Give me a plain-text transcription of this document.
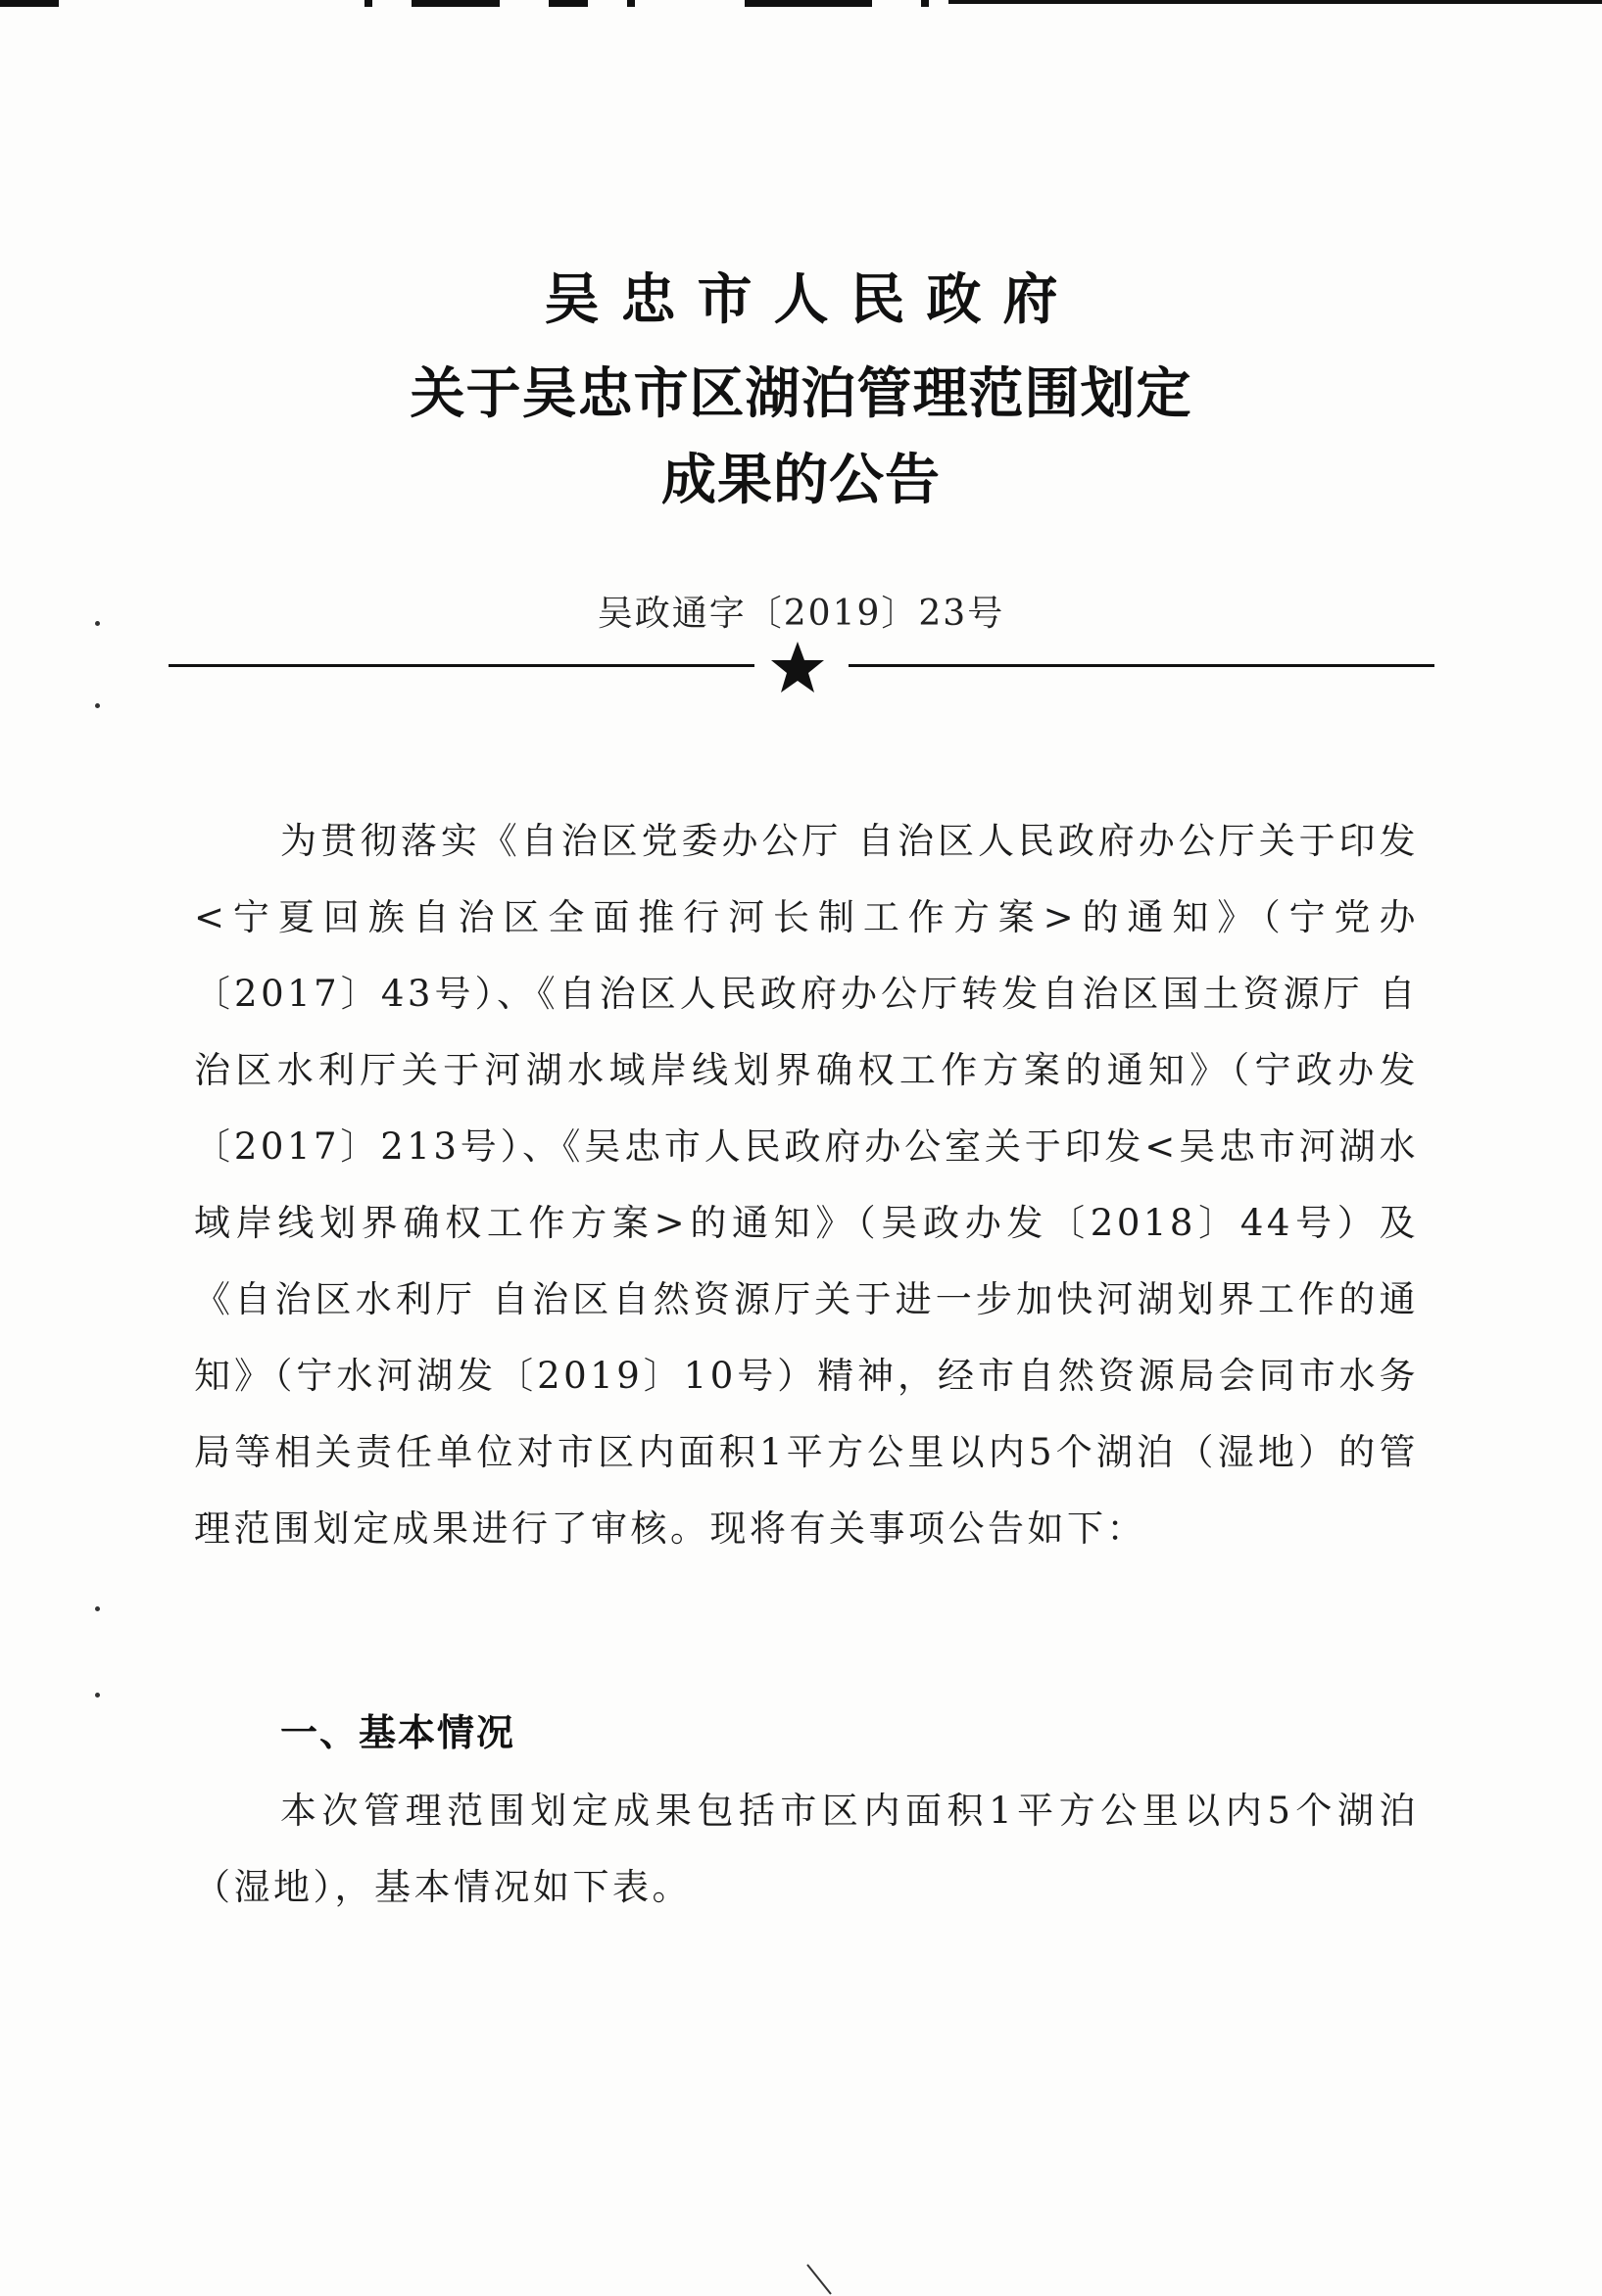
吴忠市人民政府
关于吴忠市区湖泊管理范围划定
成果的公告
吴政通字〔2019〕23号
为贯彻落实《自治区党委办公厅 自治区人民政府办公厅关于印发<宁夏回族自治区全面推行河长制工作方案>的通知》（宁党办〔2017〕43号）、《自治区人民政府办公厅转发自治区国土资源厅 自治区水利厅关于河湖水域岸线划界确权工作方案的通知》（宁政办发〔2017〕213号）、《吴忠市人民政府办公室关于印发<吴忠市河湖水域岸线划界确权工作方案>的通知》（吴政办发〔2018〕44号）及《自治区水利厅 自治区自然资源厅关于进一步加快河湖划界工作的通知》（宁水河湖发〔2019〕10号）精神，经市自然资源局会同市水务局等相关责任单位对市区内面积1平方公里以内5个湖泊（湿地）的管理范围划定成果进行了审核。现将有关事项公告如下：
一、基本情况
本次管理范围划定成果包括市区内面积1平方公里以内5个湖泊（湿地），基本情况如下表。
